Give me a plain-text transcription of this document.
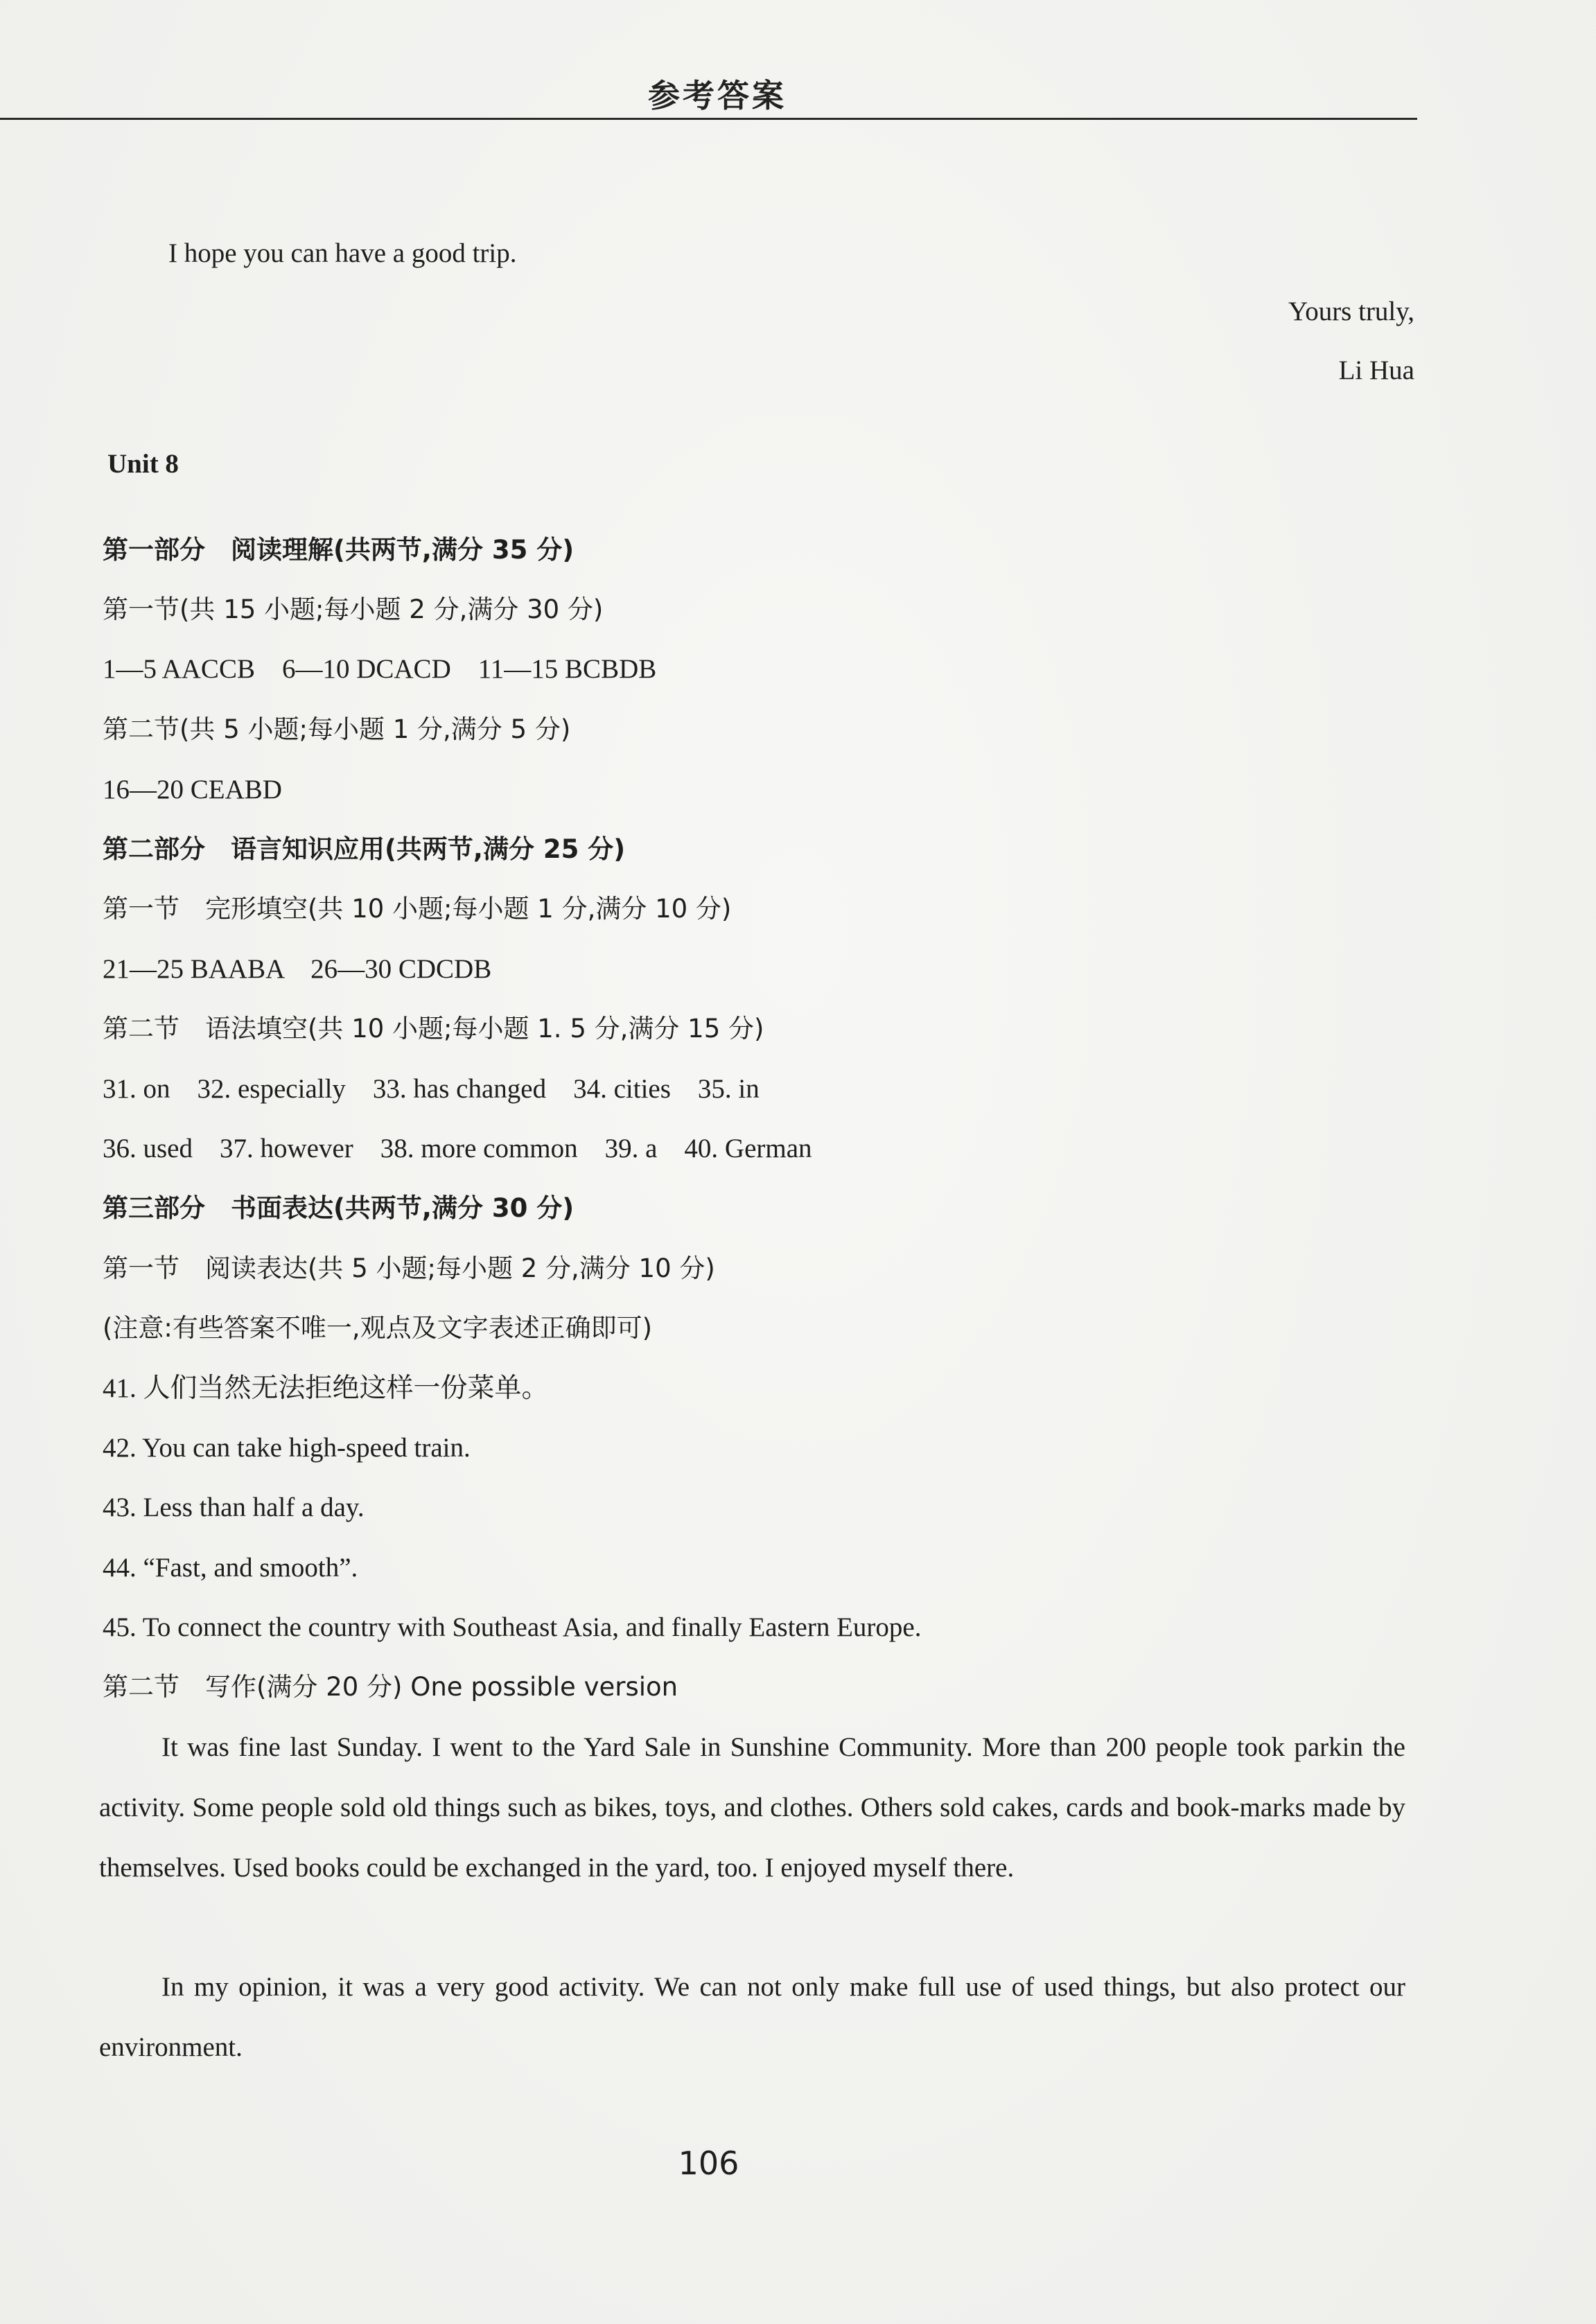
参考答案
I hope you can have a good trip.
Yours truly,
Li Hua
Unit 8
第一部分　阅读理解(共两节,满分 35 分)
第一节(共 15 小题;每小题 2 分,满分 30 分)
1—5 AACCB　6—10 DCACD　11—15 BCBDB
第二节(共 5 小题;每小题 1 分,满分 5 分)
16—20 CEABD
第二部分　语言知识应用(共两节,满分 25 分)
第一节　完形填空(共 10 小题;每小题 1 分,满分 10 分)
21—25 BAABA　26—30 CDCDB
第二节　语法填空(共 10 小题;每小题 1. 5 分,满分 15 分)
31. on　32. especially　33. has changed　34. cities　35. in
36. used　37. however　38. more common　39. a　40. German
第三部分　书面表达(共两节,满分 30 分)
第一节　阅读表达(共 5 小题;每小题 2 分,满分 10 分)
(注意:有些答案不唯一,观点及文字表述正确即可)
41. 人们当然无法拒绝这样一份菜单。
42. You can take high-speed train.
43. Less than half a day.
44. “Fast, and smooth”.
45. To connect the country with Southeast Asia, and finally Eastern Europe.
第二节　写作(满分 20 分) One possible version
It was fine last Sunday. I went to the Yard Sale in Sunshine Community. More than 200 people took parkin the activity. Some people sold old things such as bikes, toys, and clothes. Others sold cakes, cards and book-marks made by themselves. Used books could be exchanged in the yard, too. I enjoyed myself there.
In my opinion, it was a very good activity. We can not only make full use of used things, but also protect our environment.
106
